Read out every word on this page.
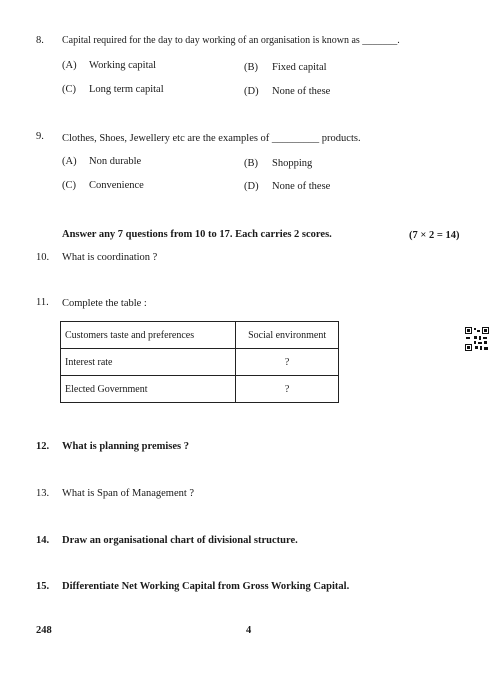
8. Capital required for the day to day working of an organisation is known as _______.
(A) Working capital	(B) Fixed capital
(C) Long term capital	(D) None of these
9. Clothes, Shoes, Jewellery etc are the examples of _________ products.
(A) Non durable	(B) Shopping
(C) Convenience	(D) None of these
Answer any 7 questions from 10 to 17. Each carries 2 scores.	(7 × 2 = 14)
10. What is coordination ?
11. Complete the table :
Customers taste and preferences	Social environment
Interest rate	?
Elected Government	?
12. What is planning premises ?
13. What is Span of Management ?
14. Draw an organisational chart of divisional structure.
15. Differentiate Net Working Capital from Gross Working Capital.
248	4
